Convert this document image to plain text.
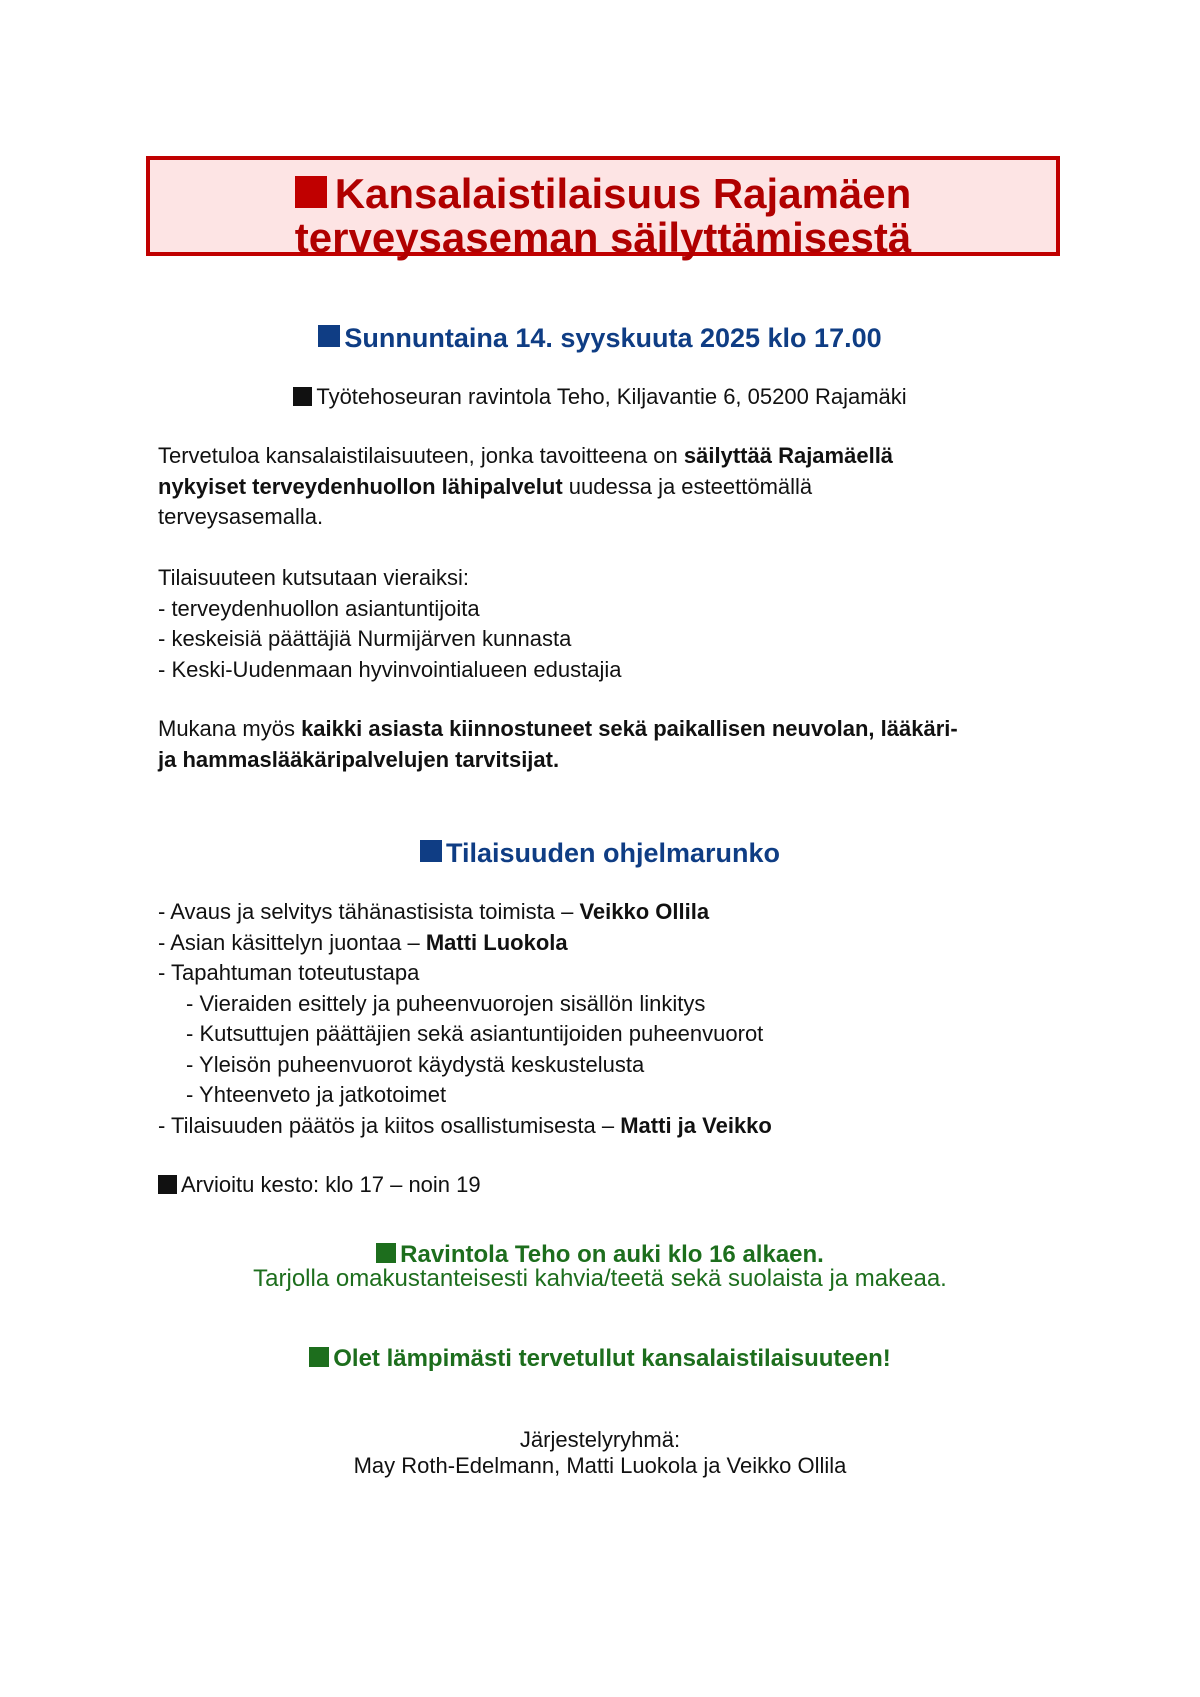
Kansalaistilaisuus Rajamäen
terveysaseman säilyttämisestä
Sunnuntaina 14. syyskuuta 2025 klo 17.00
Työtehoseuran ravintola Teho, Kiljavantie 6, 05200 Rajamäki
Tervetuloa kansalaistilaisuuteen, jonka tavoitteena on säilyttää Rajamäellä
nykyiset terveydenhuollon lähipalvelut uudessa ja esteettömällä
terveysasemalla.
Tilaisuuteen kutsutaan vieraiksi:
- terveydenhuollon asiantuntijoita
- keskeisiä päättäjiä Nurmijärven kunnasta
- Keski-Uudenmaan hyvinvointialueen edustajia
Mukana myös kaikki asiasta kiinnostuneet sekä paikallisen neuvolan, lääkäri-
ja hammaslääkäripalvelujen tarvitsijat.
Tilaisuuden ohjelmarunko
- Avaus ja selvitys tähänastisista toimista – Veikko Ollila
- Asian käsittelyn juontaa – Matti Luokola
- Tapahtuman toteutustapa
- Vieraiden esittely ja puheenvuorojen sisällön linkitys
- Kutsuttujen päättäjien sekä asiantuntijoiden puheenvuorot
- Yleisön puheenvuorot käydystä keskustelusta
- Yhteenveto ja jatkotoimet
- Tilaisuuden päätös ja kiitos osallistumisesta – Matti ja Veikko
Arvioitu kesto: klo 17 – noin 19
Ravintola Teho on auki klo 16 alkaen.
Tarjolla omakustanteisesti kahvia/teetä sekä suolaista ja makeaa.
Olet lämpimästi tervetullut kansalaistilaisuuteen!
Järjestelyryhmä:
May Roth-Edelmann, Matti Luokola ja Veikko Ollila
